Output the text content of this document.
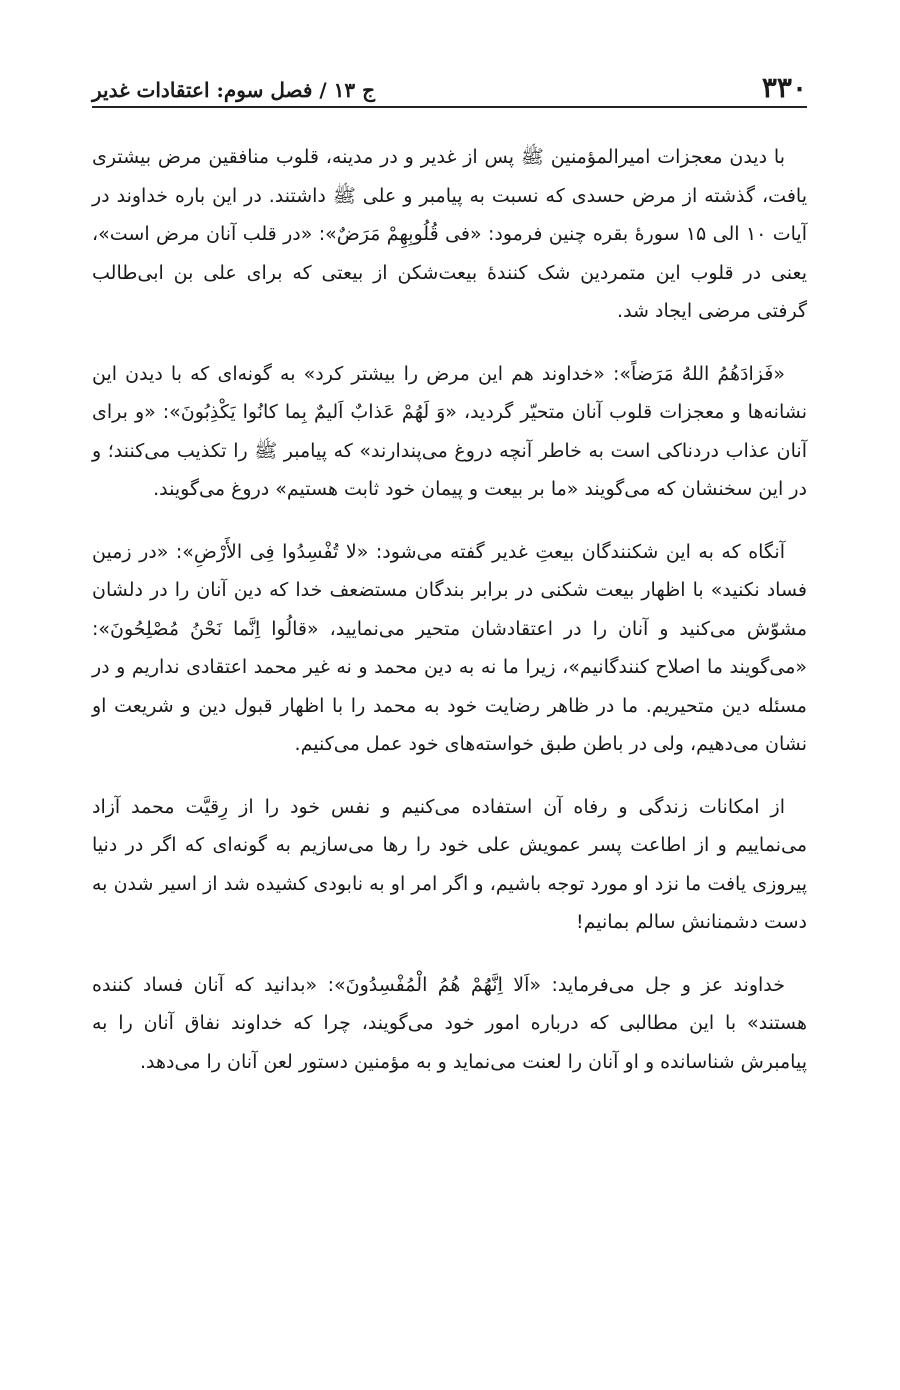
۳۳۰
ج ۱۳ / فصل سوم: اعتقادات غدیر

با دیدن معجزات امیرالمؤمنین ﷺ پس از غدیر و در مدینه، قلوب منافقین مرض بیشتری یافت، گذشته از مرض حسدی که نسبت به پیامبر و علی ﷺ داشتند. در این باره خداوند در آیات ۱۰ الی ۱۵ سورهٔ بقره چنین فرمود: «فی قُلُوبِهِمْ مَرَضٌ»: «در قلب آنان مرض است»، یعنی در قلوب این متمردین شک کنندهٔ بیعت‌شکن از بیعتی که برای علی بن ابی‌طالب گرفتی مرضی ایجاد شد.

«فَزادَهُمُ اللهُ مَرَضاً»: «خداوند هم این مرض را بیشتر کرد» به گونه‌ای که با دیدن این نشانه‌ها و معجزات قلوب آنان متحیّر گردید، «وَ لَهُمْ عَذابٌ اَلیمٌ بِما کانُوا یَکْذِبُونَ»: «و برای آنان عذاب دردناکی است به خاطر آنچه دروغ می‌پندارند» که پیامبر ﷺ را تکذیب می‌کنند؛ و در این سخنشان که می‌گویند «ما بر بیعت و پیمان خود ثابت هستیم» دروغ می‌گویند.

آنگاه که به این شکنندگان بیعتِ غدیر گفته می‌شود: «لا تُفْسِدُوا فِی الأَرْضِ»: «در زمین فساد نکنید» با اظهار بیعت شکنی در برابر بندگان مستضعف خدا که دین آنان را در دلشان مشوّش می‌کنید و آنان را در اعتقادشان متحیر می‌نمایید، «قالُوا اِنَّما نَحْنُ مُصْلِحُونَ»: «می‌گویند ما اصلاح کنندگانیم»، زیرا ما نه به دین محمد و نه غیر محمد اعتقادی نداریم و در مسئله دین متحیریم. ما در ظاهر رضایت خود به محمد را با اظهار قبول دین و شریعت او نشان می‌دهیم، ولی در باطن طبق خواسته‌های خود عمل می‌کنیم.

از امکانات زندگی و رفاه آن استفاده می‌کنیم و نفس خود را از رِقیَّت محمد آزاد می‌نماییم و از اطاعت پسر عمویش علی خود را رها می‌سازیم به گونه‌ای که اگر در دنیا پیروزی یافت ما نزد او مورد توجه باشیم، و اگر امر او به نابودی کشیده شد از اسیر شدن به دست دشمنانش سالم بمانیم!

خداوند عز و جل می‌فرماید: «اَلا اِنَّهُمْ هُمُ الْمُفْسِدُونَ»: «بدانید که آنان فساد کننده هستند» با این مطالبی که درباره امور خود می‌گویند، چرا که خداوند نفاق آنان را به پیامبرش شناسانده و او آنان را لعنت می‌نماید و به مؤمنین دستور لعن آنان را می‌دهد.
